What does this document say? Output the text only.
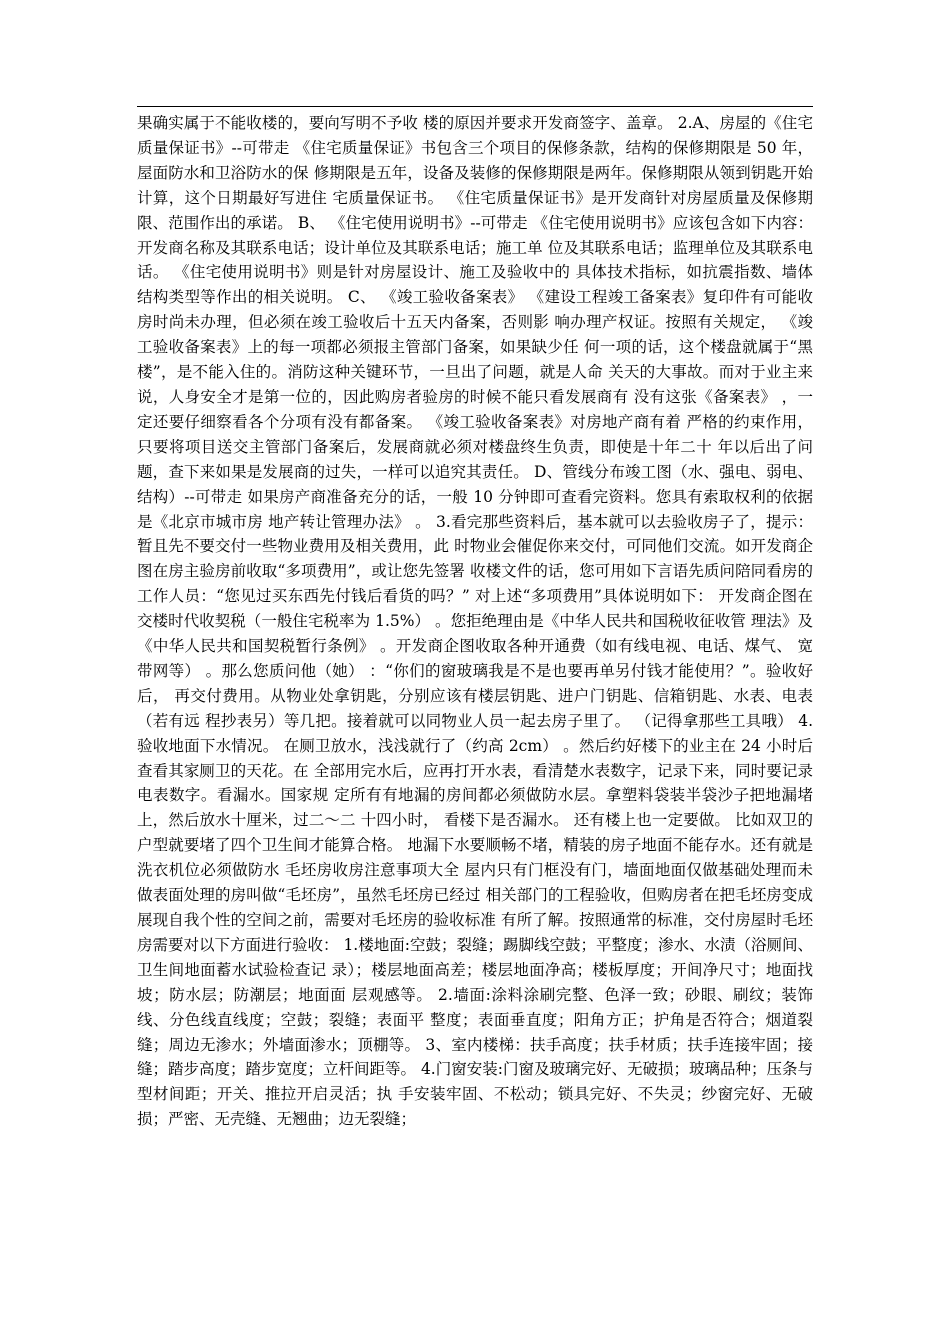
果确实属于不能收楼的，要向写明不予收 楼的原因并要求开发商签字、盖章。 2.A、房屋的《住宅质量保证书》--可带走 《住宅质量保证》书包含三个项目的保修条款，结构的保修期限是 50 年，屋面防水和卫浴防水的保 修期限是五年，设备及装修的保修期限是两年。保修期限从领到钥匙开始计算，这个日期最好写进住 宅质量保证书。 《住宅质量保证书》是开发商针对房屋质量及保修期限、范围作出的承诺。 B、 《住宅使用说明书》--可带走 《住宅使用说明书》应该包含如下内容：开发商名称及其联系电话；设计单位及其联系电话；施工单 位及其联系电话；监理单位及其联系电话。 《住宅使用说明书》则是针对房屋设计、施工及验收中的 具体技术指标，如抗震指数、墙体结构类型等作出的相关说明。 C、 《竣工验收备案表》 《建设工程竣工备案表》复印件有可能收房时尚未办理，但必须在竣工验收后十五天内备案，否则影 响办理产权证。按照有关规定， 《竣工验收备案表》上的每一项都必须报主管部门备案，如果缺少任 何一项的话，这个楼盘就属于“黑楼”，是不能入住的。消防这种关键环节，一旦出了问题，就是人命 关天的大事故。而对于业主来说，人身安全才是第一位的，因此购房者验房的时候不能只看发展商有 没有这张《备案表》 ，一定还要仔细察看各个分项有没有都备案。 《竣工验收备案表》对房地产商有着 严格的约束作用，只要将项目送交主管部门备案后，发展商就必须对楼盘终生负责，即使是十年二十 年以后出了问题，查下来如果是发展商的过失，一样可以追究其责任。 D、管线分布竣工图（水、强电、弱电、结构）--可带走 如果房产商准备充分的话，一般 10 分钟即可查看完资料。您具有索取权利的依据是《北京市城市房 地产转让管理办法》 。 3.看完那些资料后，基本就可以去验收房子了，提示：暂且先不要交付一些物业费用及相关费用，此 时物业会催促你来交付，可同他们交流。如开发商企图在房主验房前收取“多项费用”，或让您先签署 收楼文件的话，您可用如下言语先质问陪同看房的工作人员：“您见过买东西先付钱后看货的吗？” 对上述“多项费用”具体说明如下： 开发商企图在交楼时代收契税（一般住宅税率为 1.5%） 。您拒绝理由是《中华人民共和国税收征收管 理法》及《中华人民共和国契税暂行条例》 。开发商企图收取各种开通费（如有线电视、电话、煤气、 宽带网等） 。那么您质问他（她） ：“你们的窗玻璃我是不是也要再单另付钱才能使用？”。验收好后， 再交付费用。从物业处拿钥匙，分别应该有楼层钥匙、进户门钥匙、信箱钥匙、水表、电表（若有远 程抄表另）等几把。接着就可以同物业人员一起去房子里了。 （记得拿那些工具哦） 4.验收地面下水情况。 在厕卫放水，浅浅就行了（约高 2cm） 。然后约好楼下的业主在 24 小时后查看其家厕卫的天花。在 全部用完水后，应再打开水表，看清楚水表数字，记录下来，同时要记录电表数字。看漏水。国家规 定所有有地漏的房间都必须做防水层。拿塑料袋装半袋沙子把地漏堵上，然后放水十厘米，过二～二 十四小时， 看楼下是否漏水。 还有楼上也一定要做。 比如双卫的户型就要堵了四个卫生间才能算合格。 地漏下水要顺畅不堵，精装的房子地面不能存水。还有就是洗衣机位必须做防水 毛坯房收房注意事项大全 屋内只有门框没有门，墙面地面仅做基础处理而未做表面处理的房叫做“毛坯房”，虽然毛坯房已经过 相关部门的工程验收，但购房者在把毛坯房变成展现自我个性的空间之前，需要对毛坯房的验收标准 有所了解。按照通常的标准，交付房屋时毛坯房需要对以下方面进行验收： 1.楼地面:空鼓；裂缝；踢脚线空鼓；平整度；渗水、水渍（浴厕间、卫生间地面蓄水试验检查记 录）；楼层地面高差；楼层地面净高；楼板厚度；开间净尺寸；地面找坡；防水层；防潮层；地面面 层观感等。 2.墙面:涂料涂刷完整、色泽一致；砂眼、刷纹；装饰线、分色线直线度；空鼓；裂缝；表面平 整度；表面垂直度；阳角方正；护角是否符合；烟道裂缝；周边无渗水；外墙面渗水；顶棚等。 3、室内楼梯：扶手高度；扶手材质；扶手连接牢固；接缝；踏步高度；踏步宽度；立杆间距等。 4.门窗安装:门窗及玻璃完好、无破损；玻璃品种；压条与型材间距；开关、推拉开启灵活；执 手安装牢固、不松动；锁具完好、不失灵；纱窗完好、无破损；严密、无壳缝、无翘曲；边无裂缝；
